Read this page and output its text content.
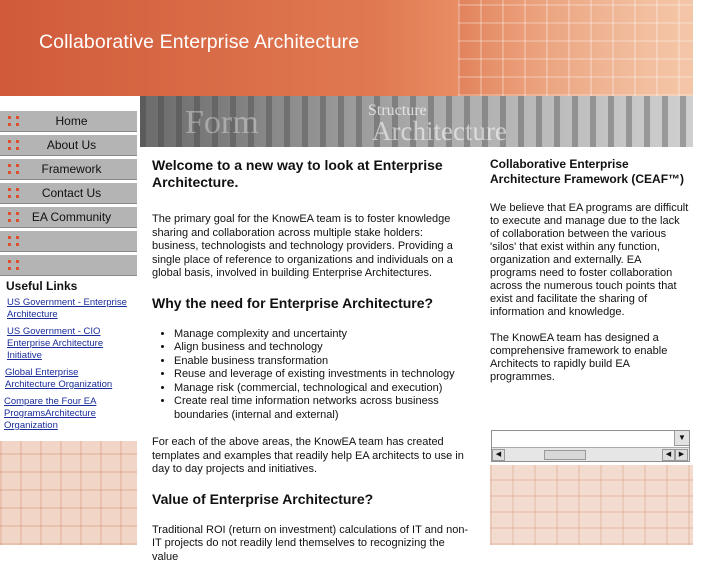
Collaborative Enterprise Architecture
Form	Structure
Architecture
Home
About Us
Framework
Contact Us
EA Community
Useful Links
US Government - Enterprise Architecture
US Government - CIO Enterprise Architecture Initiative
Global Enterprise Architecture Organization
Compare the Four EA ProgramsArchitecture Organization
Welcome to a new way to look at Enterprise Architecture.

The primary goal for the KnowEA team is to foster knowledge sharing and collaboration across multiple stake holders: business, technologists and technology providers. Providing a single place of reference to organizations and individuals on a global basis, involved in building Enterprise Architectures.

Why the need for Enterprise Architecture?
• Manage complexity and uncertainty
• Align business and technology
• Enable business transformation
• Reuse and leverage of existing investments in technology
• Manage risk (commercial, technological and execution)
• Create real time information networks across business boundaries (internal and external)

For each of the above areas, the KnowEA team has created templates and examples that readily help EA architects to use in day to day projects and initiatives.

Value of Enterprise Architecture?

Traditional ROI (return on investment) calculations of IT and non-IT projects do not readily lend themselves to recognizing the value

Collaborative Enterprise Architecture Framework (CEAF™)

We believe that EA programs are difficult to execute and manage due to the lack of collaboration between the various 'silos' that exist within any function, organization and externally. EA programs need to foster collaboration across the numerous touch points that exist and facilitate the sharing of information and knowledge.

The KnowEA team has designed a comprehensive framework to enable Architects to rapidly build EA programmes.

▼
◀	◀	▶
